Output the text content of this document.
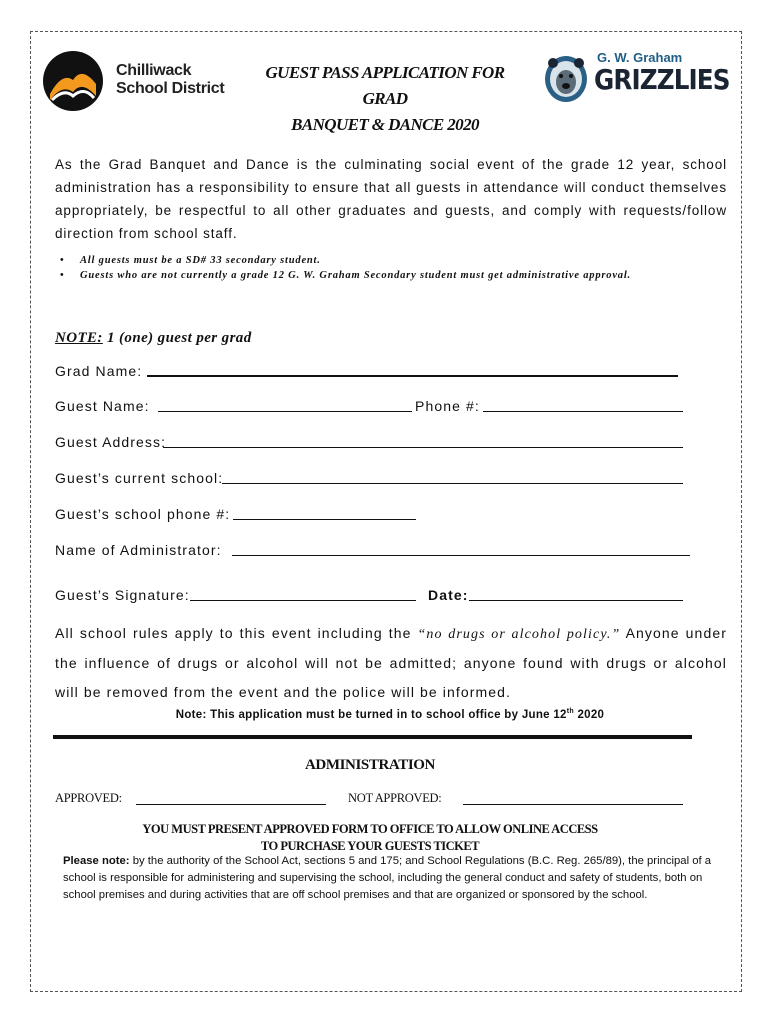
Chilliwack
School District
GUEST PASS APPLICATION FOR
GRAD
BANQUET & DANCE 2020
G. W. Graham
GRIZZLIES
As the Grad Banquet and Dance is the culminating social event of the grade 12 year, school administration has a responsibility to ensure that all guests in attendance will conduct themselves appropriately, be respectful to all other graduates and guests, and comply with requests/follow direction from school staff.
• All guests must be a SD# 33 secondary student.
• Guests who are not currently a grade 12 G. W. Graham Secondary student must get administrative approval.
NOTE: 1 (one) guest per grad
Grad Name:
Guest Name:	Phone #:
Guest Address:
Guest’s current school:
Guest’s school phone #:
Name of Administrator:
Guest’s Signature:	Date:
All school rules apply to this event including the “no drugs or alcohol policy.” Anyone under the influence of drugs or alcohol will not be admitted; anyone found with drugs or alcohol will be removed from the event and the police will be informed.
Note: This application must be turned in to school office by June 12th 2020
ADMINISTRATION
APPROVED:	NOT APPROVED:
YOU MUST PRESENT APPROVED FORM TO OFFICE TO ALLOW ONLINE ACCESS
TO PURCHASE YOUR GUESTS TICKET
Please note: by the authority of the School Act, sections 5 and 175; and School Regulations (B.C. Reg. 265/89), the principal of a school is responsible for administering and supervising the school, including the general conduct and safety of students, both on school premises and during activities that are off school premises and that are organized or sponsored by the school.
